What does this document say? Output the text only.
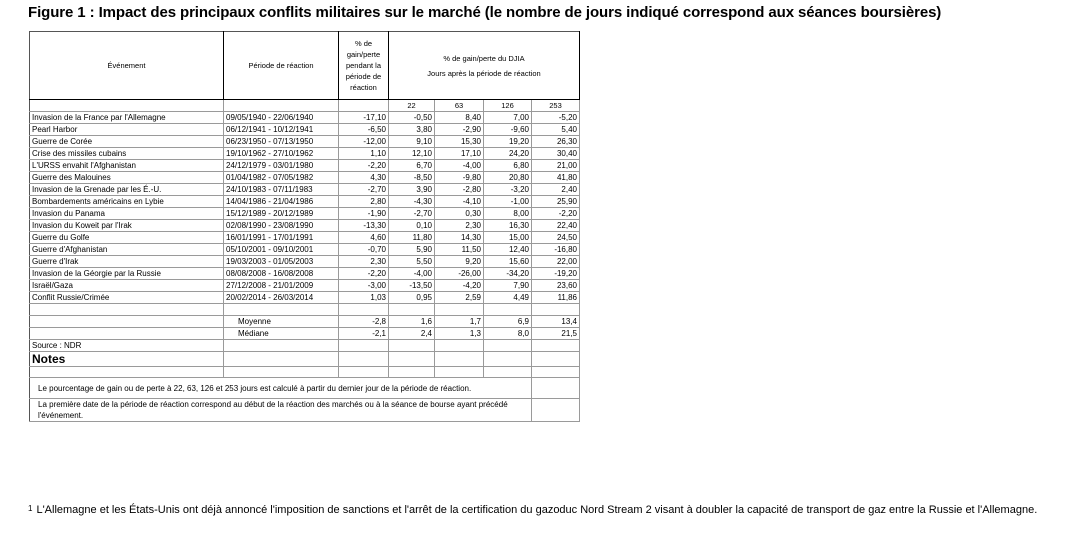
Figure 1 : Impact des principaux conflits militaires sur le marché (le nombre de jours indiqué correspond aux séances boursières)
Événement	Période de réaction	% de gain/perte pendant la période de réaction	% de gain/perte du DJIA			
			Jours après la période de réaction			
			22	63	126	253
Invasion de la France par l'Allemagne	09/05/1940 - 22/06/1940	-17,10	-0,50	8,40	7,00	-5,20
Pearl Harbor	06/12/1941 - 10/12/1941	-6,50	3,80	-2,90	-9,60	5,40
Guerre de Corée	06/23/1950 - 07/13/1950	-12,00	9,10	15,30	19,20	26,30
Crise des missiles cubains	19/10/1962 - 27/10/1962	1,10	12,10	17,10	24,20	30,40
L'URSS envahit l'Afghanistan	24/12/1979 - 03/01/1980	-2,20	6,70	-4,00	6,80	21,00
Guerre des Malouines	01/04/1982 - 07/05/1982	4,30	-8,50	-9,80	20,80	41,80
Invasion de la Grenade par les É.-U.	24/10/1983 - 07/11/1983	-2,70	3,90	-2,80	-3,20	2,40
Bombardements américains en Lybie	14/04/1986 - 21/04/1986	2,80	-4,30	-4,10	-1,00	25,90
Invasion du Panama	15/12/1989 - 20/12/1989	-1,90	-2,70	0,30	8,00	-2,20
Invasion du Koweit par l'Irak	02/08/1990 - 23/08/1990	-13,30	0,10	2,30	16,30	22,40
Guerre du Golfe	16/01/1991 - 17/01/1991	4,60	11,80	14,30	15,00	24,50
Guerre d'Afghanistan	05/10/2001 - 09/10/2001	-0,70	5,90	11,50	12,40	-16,80
Guerre d'Irak	19/03/2003 - 01/05/2003	2,30	5,50	9,20	15,60	22,00
Invasion de la Géorgie par la Russie	08/08/2008 - 16/08/2008	-2,20	-4,00	-26,00	-34,20	-19,20
Israël/Gaza	27/12/2008 - 21/01/2009	-3,00	-13,50	-4,20	7,90	23,60
Conflit Russie/Crimée	20/02/2014 - 26/03/2014	1,03	0,95	2,59	4,49	11,86

	Moyenne	-2,8	1,6	1,7	6,9	13,4
	Médiane	-2,1	2,4	1,3	8,0	21,5
Source : NDR						
Notes						

Le pourcentage de gain ou de perte à 22, 63, 126 et 253 jours est calculé à partir du dernier jour de la période de réaction.						
La première date de la période de réaction correspond au début de la réaction des marchés ou à la séance de bourse ayant précédé l'événement.						
$^1$ L'Allemagne et les États-Unis ont déjà annoncé l'imposition de sanctions et l'arrêt de la certification du gazoduc Nord Stream 2 visant à doubler la capacité de transport de gaz entre la Russie et l'Allemagne.
